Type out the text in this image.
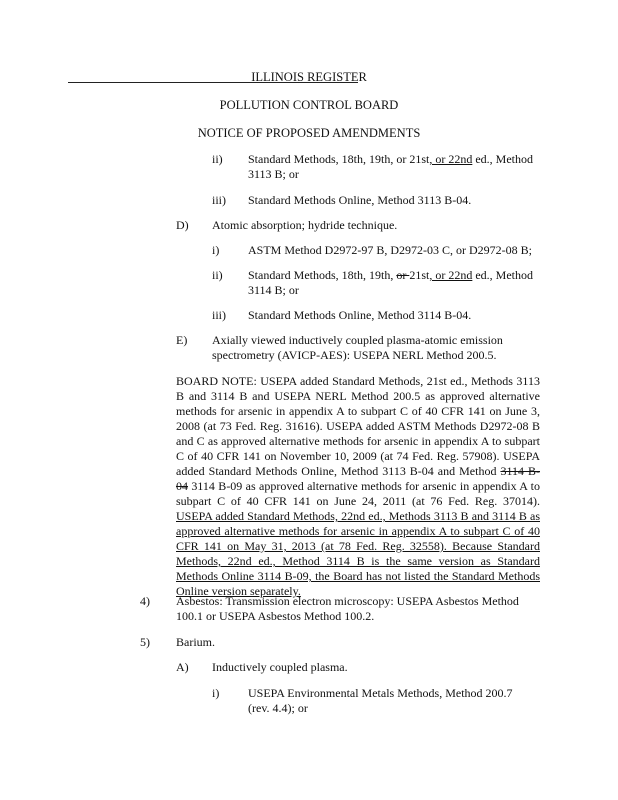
ILLINOIS REGISTER
POLLUTION CONTROL BOARD
NOTICE OF PROPOSED AMENDMENTS
ii) Standard Methods, 18th, 19th, or 21st, or 22nd ed., Method
3113 B; or
iii) Standard Methods Online, Method 3113 B-04.
D) Atomic absorption; hydride technique.
i) ASTM Method D2972-97 B, D2972-03 C, or D2972-08 B;
ii) Standard Methods, 18th, 19th, or 21st, or 22nd ed., Method
3114 B; or
iii) Standard Methods Online, Method 3114 B-04.
E) Axially viewed inductively coupled plasma-atomic emission
spectrometry (AVICP-AES): USEPA NERL Method 200.5.
BOARD NOTE: USEPA added Standard Methods, 21st ed., Methods 3113 B and 3114 B and USEPA NERL Method 200.5 as approved alternative methods for arsenic in appendix A to subpart C of 40 CFR 141 on June 3, 2008 (at 73 Fed. Reg. 31616). USEPA added ASTM Methods D2972-08 B and C as approved alternative methods for arsenic in appendix A to subpart C of 40 CFR 141 on November 10, 2009 (at 74 Fed. Reg. 57908). USEPA added Standard Methods Online, Method 3113 B-04 and Method 3114 B-04 3114 B-09 as approved alternative methods for arsenic in appendix A to subpart C of 40 CFR 141 on June 24, 2011 (at 76 Fed. Reg. 37014). USEPA added Standard Methods, 22nd ed., Methods 3113 B and 3114 B as approved alternative methods for arsenic in appendix A to subpart C of 40 CFR 141 on May 31, 2013 (at 78 Fed. Reg. 32558). Because Standard Methods, 22nd ed., Method 3114 B is the same version as Standard Methods Online 3114 B-09, the Board has not listed the Standard Methods Online version separately.
4) Asbestos: Transmission electron microscopy: USEPA Asbestos Method
100.1 or USEPA Asbestos Method 100.2.
5) Barium.
A) Inductively coupled plasma.
i) USEPA Environmental Metals Methods, Method 200.7
(rev. 4.4); or
